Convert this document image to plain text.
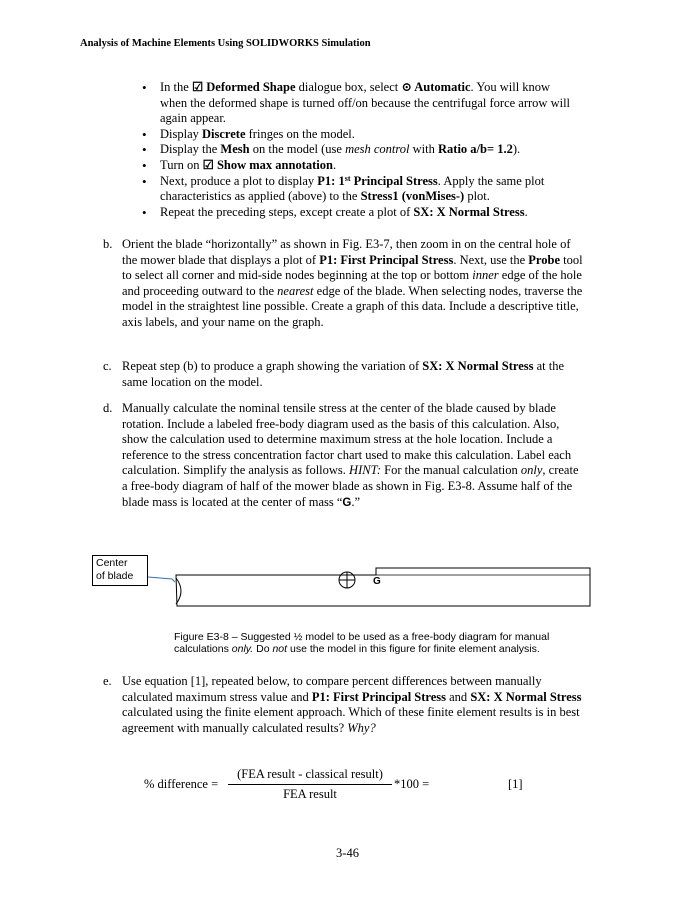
Analysis of Machine Elements Using SOLIDWORKS Simulation
• In the ☑ Deformed Shape dialogue box, select ⊙ Automatic. You will know when the deformed shape is turned off/on because the centrifugal force arrow will again appear.
• Display Discrete fringes on the model.
• Display the Mesh on the model (use mesh control with Ratio a/b= 1.2).
• Turn on ☑ Show max annotation.
• Next, produce a plot to display P1: 1st Principal Stress. Apply the same plot characteristics as applied (above) to the Stress1 (vonMises-) plot.
• Repeat the preceding steps, except create a plot of SX: X Normal Stress.
b. Orient the blade “horizontally” as shown in Fig. E3-7, then zoom in on the central hole of the mower blade that displays a plot of P1: First Principal Stress. Next, use the Probe tool to select all corner and mid-side nodes beginning at the top or bottom inner edge of the hole and proceeding outward to the nearest edge of the blade. When selecting nodes, traverse the model in the straightest line possible. Create a graph of this data. Include a descriptive title, axis labels, and your name on the graph.
c. Repeat step (b) to produce a graph showing the variation of SX: X Normal Stress at the same location on the model.
d. Manually calculate the nominal tensile stress at the center of the blade caused by blade rotation. Include a labeled free-body diagram used as the basis of this calculation. Also, show the calculation used to determine maximum stress at the hole location. Include a reference to the stress concentration factor chart used to make this calculation. Label each calculation. Simplify the analysis as follows. HINT: For the manual calculation only, create a free-body diagram of half of the mower blade as shown in Fig. E3-8. Assume half of the blade mass is located at the center of mass “G.”
G
Center
of blade
Figure E3-8 – Suggested ½ model to be used as a free-body diagram for manual calculations only. Do not use the model in this figure for finite element analysis.
e. Use equation [1], repeated below, to compare percent differences between manually calculated maximum stress value and P1: First Principal Stress and SX: X Normal Stress calculated using the finite element approach. Which of these finite element results is in best agreement with manually calculated results? Why?
% difference =
(FEA result - classical result)
FEA result
*100 =	[1]
3-46
